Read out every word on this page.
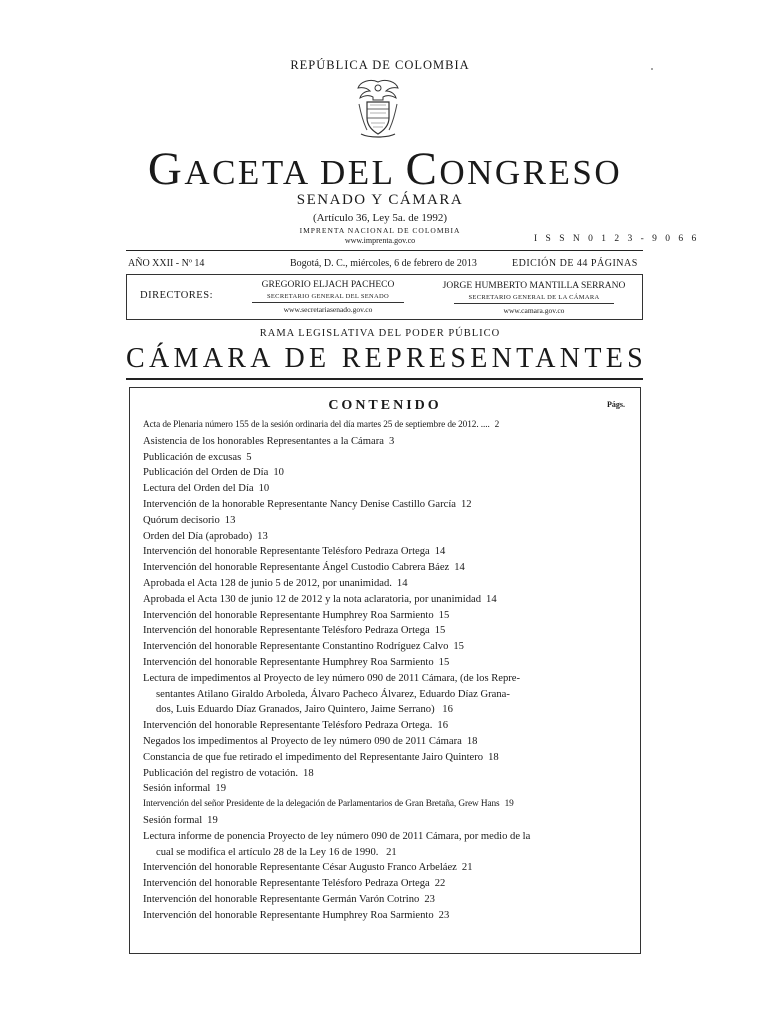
REPÚBLICA DE COLOMBIA
GACETA DEL CONGRESO
SENADO Y CÁMARA
(Artículo 36, Ley 5a. de 1992)
IMPRENTA NACIONAL DE COLOMBIA
www.imprenta.gov.co	I S S N 0 1 2 3 - 9 0 6 6
AÑO XXII - Nº 14	Bogotá, D. C., miércoles, 6 de febrero de 2013	EDICIÓN DE 44 PÁGINAS
DIRECTORES:
GREGORIO ELJACH PACHECO
SECRETARIO GENERAL DEL SENADO
www.secretariasenado.gov.co
JORGE HUMBERTO MANTILLA SERRANO
SECRETARIO GENERAL DE LA CÁMARA
www.camara.gov.co
RAMA LEGISLATIVA DEL PODER PÚBLICO
CÁMARA DE REPRESENTANTES
CONTENIDO	Págs.
Acta de Plenaria número 155 de la sesión ordinaria del día martes 25 de septiembre de 2012. .... 2
Asistencia de los honorables Representantes a la Cámara 3
Publicación de excusas 5
Publicación del Orden de Día 10
Lectura del Orden del Día 10
Intervención de la honorable Representante Nancy Denise Castillo García 12
Quórum decisorio 13
Orden del Día (aprobado) 13
Intervención del honorable Representante Telésforo Pedraza Ortega 14
Intervención del honorable Representante Ángel Custodio Cabrera Báez 14
Aprobada el Acta 128 de junio 5 de 2012, por unanimidad. 14
Aprobada el Acta 130 de junio 12 de 2012 y la nota aclaratoria, por unanimidad 14
Intervención del honorable Representante Humphrey Roa Sarmiento 15
Intervención del honorable Representante Telésforo Pedraza Ortega 15
Intervención del honorable Representante Constantino Rodríguez Calvo 15
Intervención del honorable Representante Humphrey Roa Sarmiento 15
Lectura de impedimentos al Proyecto de ley número 090 de 2011 Cámara, (de los Repre-
sentantes Atilano Giraldo Arboleda, Álvaro Pacheco Álvarez, Eduardo Díaz Grana-
dos, Luis Eduardo Díaz Granados, Jairo Quintero, Jaime Serrano) 16
Intervención del honorable Representante Telésforo Pedraza Ortega. 16
Negados los impedimentos al Proyecto de ley número 090 de 2011 Cámara 18
Constancia de que fue retirado el impedimento del Representante Jairo Quintero 18
Publicación del registro de votación. 18
Sesión informal 19
Intervención del señor Presidente de la delegación de Parlamentarios de Gran Bretaña, Grew Hans 19
Sesión formal 19
Lectura informe de ponencia Proyecto de ley número 090 de 2011 Cámara, por medio de la
cual se modifica el artículo 28 de la Ley 16 de 1990. 21
Intervención del honorable Representante César Augusto Franco Arbeláez 21
Intervención del honorable Representante Telésforo Pedraza Ortega 22
Intervención del honorable Representante Germán Varón Cotrino 23
Intervención del honorable Representante Humphrey Roa Sarmiento 23
